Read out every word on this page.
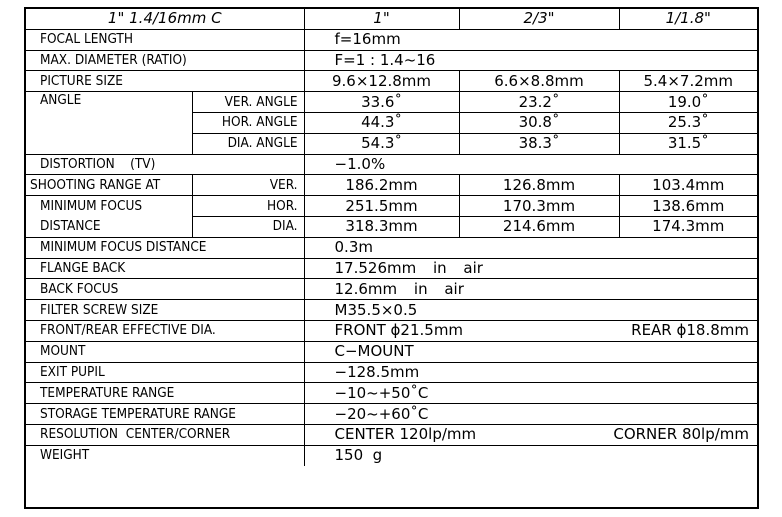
1" 1.4/16mm C		1"	2/3"	1/1.8"
FOCAL LENGTH		f=16mm		
MAX. DIAMETER (RATIO)		F=1 : 1.4~16		
PICTURE SIZE		9.6×12.8mm	6.6×8.8mm	5.4×7.2mm
ANGLE	VER. ANGLE	33.6˚	23.2˚	19.0˚
	HOR. ANGLE	44.3˚	30.8˚	25.3˚
	DIA. ANGLE	54.3˚	38.3˚	31.5˚
DISTORTION    (TV)		−1.0%		
SHOOTING RANGE AT	VER.	186.2mm	126.8mm	103.4mm
MINIMUM FOCUS	HOR.	251.5mm	170.3mm	138.6mm
DISTANCE	DIA.	318.3mm	214.6mm	174.3mm
MINIMUM FOCUS DISTANCE		0.3m		
FLANGE BACK		17.526mm in air		
BACK FOCUS		12.6mm in air		
FILTER SCREW SIZE		M35.5×0.5		
FRONT/REAR EFFECTIVE DIA.		FRONT ϕ21.5mm REAR ϕ18.8mm		

MOUNT		C−MOUNT		
EXIT PUPIL		−128.5mm		
TEMPERATURE RANGE		−10~+50˚C		
STORAGE TEMPERATURE RANGE		−20~+60˚C		
RESOLUTION  CENTER/CORNER		CENTER 120lp/mm CORNER 80lp/mm		

WEIGHT		150  g		
